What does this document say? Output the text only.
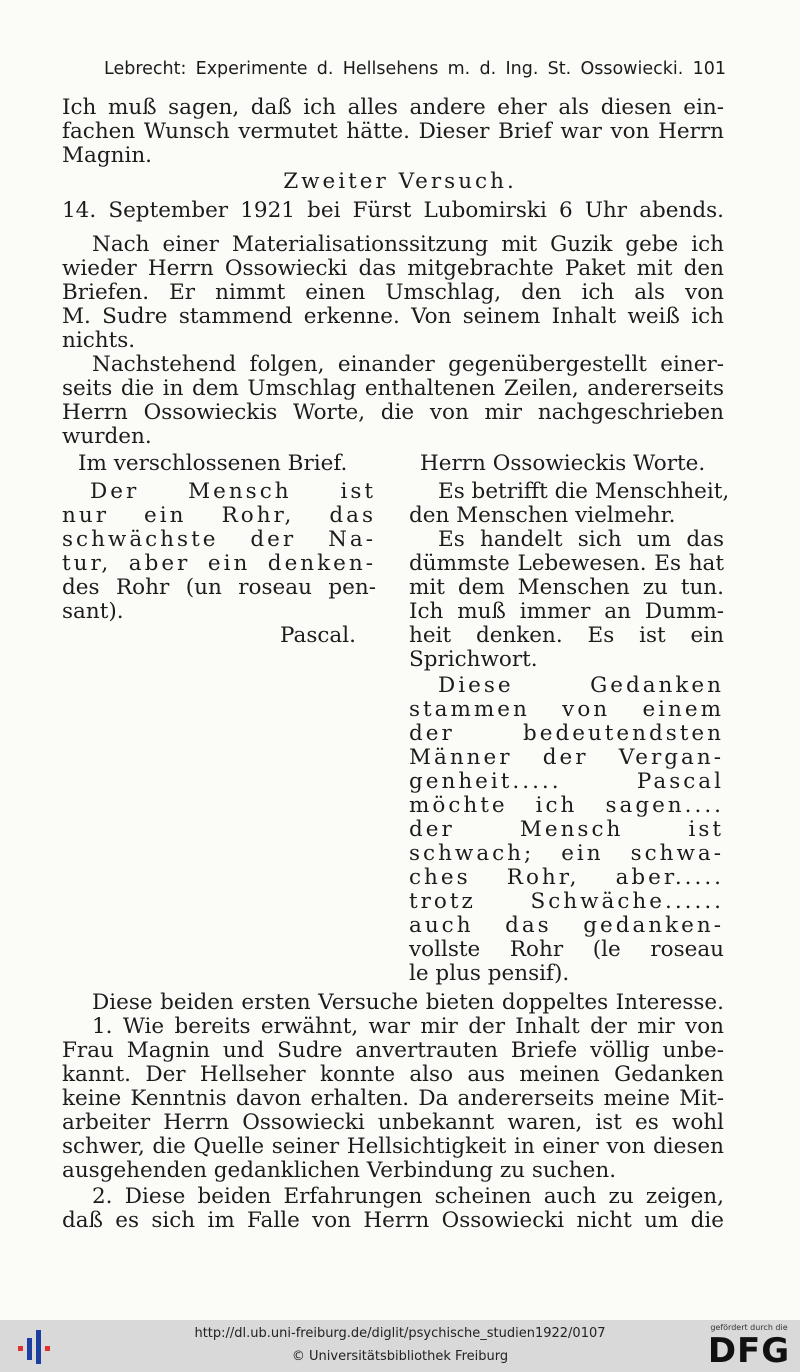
Lebrecht: Experimente d. Hellsehens m. d. Ing. St. Ossowiecki. 101
Ich muß sagen, daß ich alles andere eher als diesen ein-
fachen Wunsch vermutet hätte. Dieser Brief war von Herrn
Magnin.
Zweiter Versuch.
14. September 1921 bei Fürst Lubomirski 6 Uhr abends.
Nach einer Materialisationssitzung mit Guzik gebe ich
wieder Herrn Ossowiecki das mitgebrachte Paket mit den
Briefen. Er nimmt einen Umschlag, den ich als von
M. Sudre stammend erkenne. Von seinem Inhalt weiß ich
nichts.
Nachstehend folgen, einander gegenübergestellt einer-
seits die in dem Umschlag enthaltenen Zeilen, andererseits
Herrn Ossowieckis Worte, die von mir nachgeschrieben
wurden.
Im verschlossenen Brief.	Herrn Ossowieckis Worte.
Der Mensch ist
nur ein Rohr, das
schwächste der Na-
tur, aber ein denken-
des Rohr (un roseau pen-
sant).
Pascal.
Es betrifft die Menschheit,
den Menschen vielmehr.
Es handelt sich um das
dümmste Lebewesen. Es hat
mit dem Menschen zu tun.
Ich muß immer an Dumm-
heit denken. Es ist ein
Sprichwort.
Diese Gedanken
stammen von einem
der bedeutendsten
Männer der Vergan-
genheit..... Pascal
möchte ich sagen....
der Mensch ist
schwach; ein schwa-
ches Rohr, aber.....
trotz Schwäche......
auch das gedanken-
vollste Rohr (le roseau
le plus pensif).
Diese beiden ersten Versuche bieten doppeltes Interesse.
1. Wie bereits erwähnt, war mir der Inhalt der mir von
Frau Magnin und Sudre anvertrauten Briefe völlig unbe-
kannt. Der Hellseher konnte also aus meinen Gedanken
keine Kenntnis davon erhalten. Da andererseits meine Mit-
arbeiter Herrn Ossowiecki unbekannt waren, ist es wohl
schwer, die Quelle seiner Hellsichtigkeit in einer von diesen
ausgehenden gedanklichen Verbindung zu suchen.
2. Diese beiden Erfahrungen scheinen auch zu zeigen,
daß es sich im Falle von Herrn Ossowiecki nicht um die
http://dl.ub.uni-freiburg.de/diglit/psychische_studien1922/0107
© Universitätsbibliothek Freiburg
gefördert durch die
DFG
